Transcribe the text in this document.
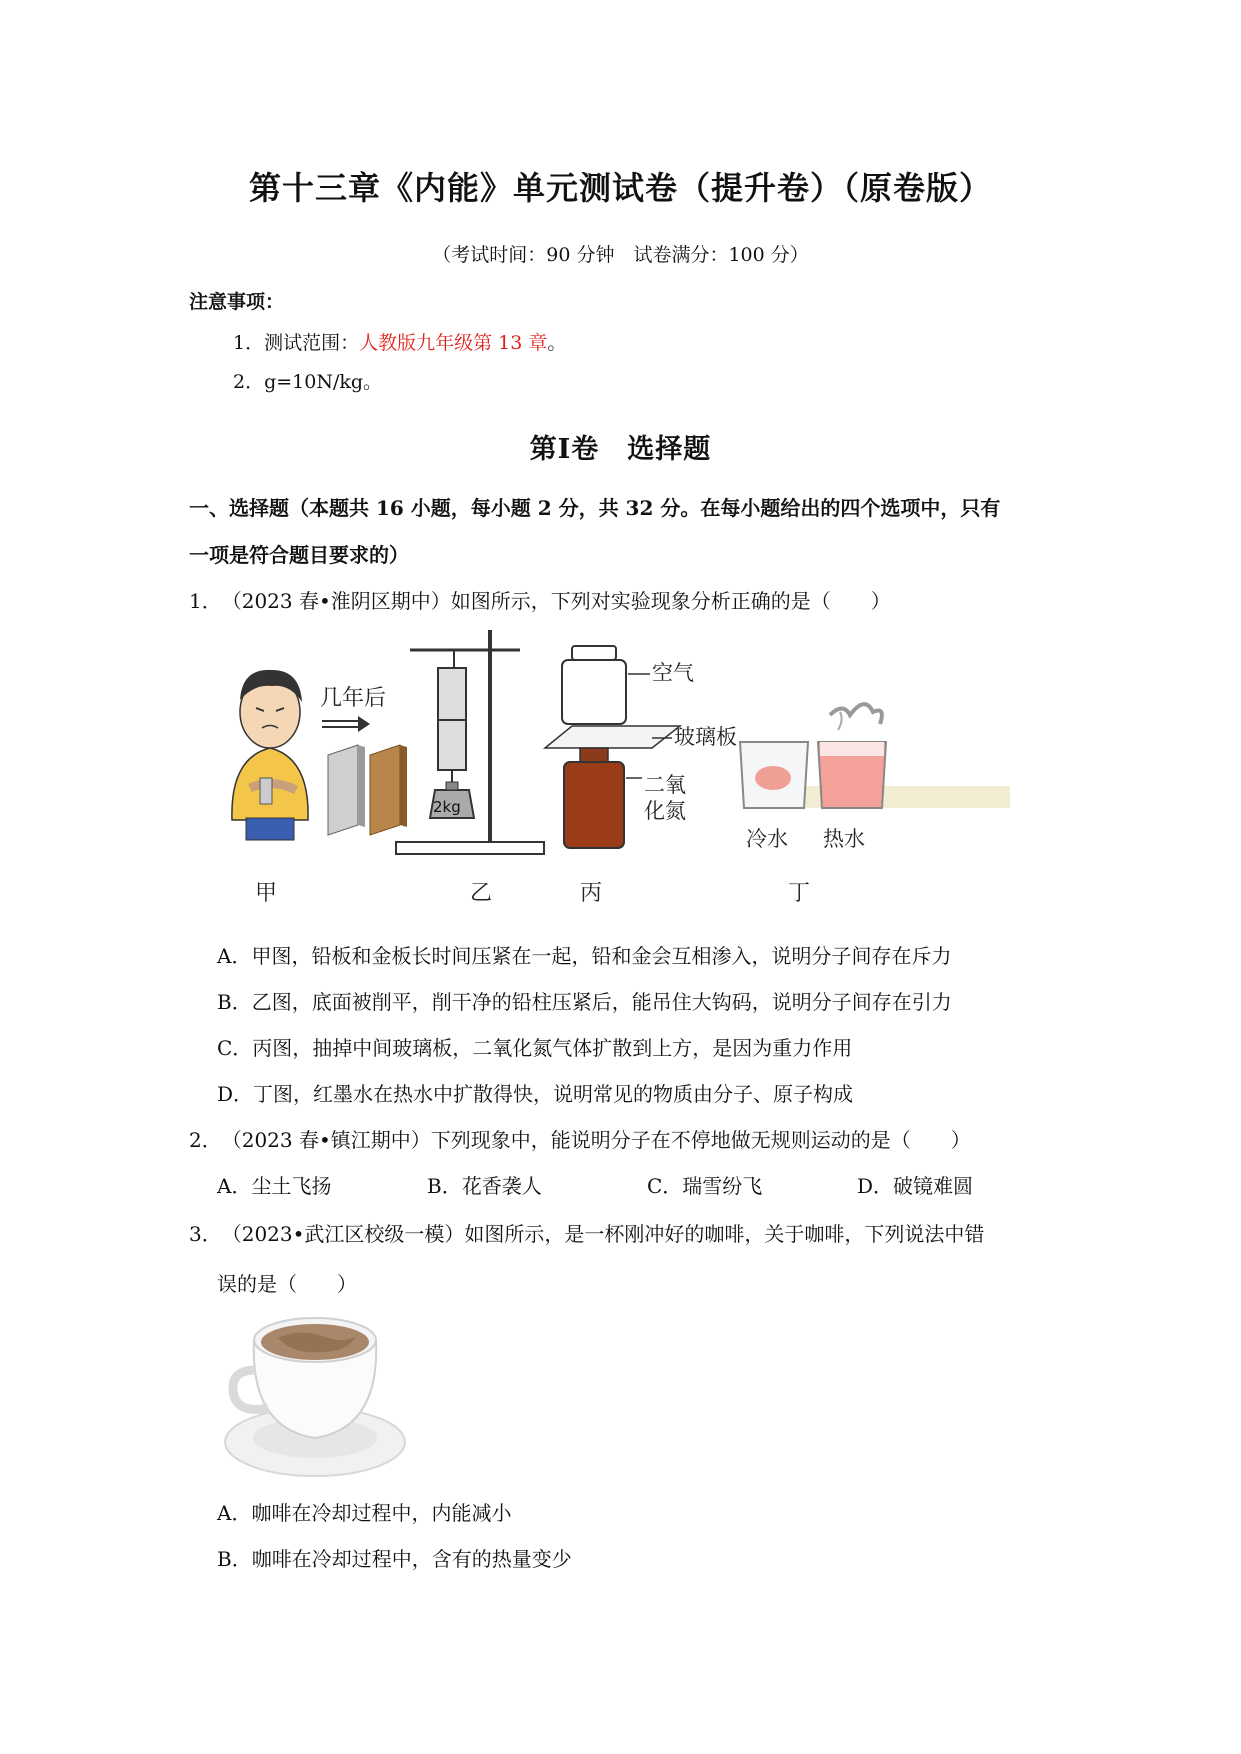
第十三章《内能》单元测试卷（提升卷）（原卷版）
（考试时间：90 分钟　试卷满分：100 分）
注意事项：
1．测试范围：人教版九年级第 13 章。
2．g=10N/kg。
第Ⅰ卷　选择题
一、选择题（本题共 16 小题，每小题 2 分，共 32 分。在每小题给出的四个选项中，只有
一项是符合题目要求的）
1．（2023 春•淮阴区期中）如图所示，下列对实验现象分析正确的是（　　）
几年后
甲
2kg
乙
空气
玻璃板
二氧
化氮
丙
冷水 热水
丁
A．甲图，铅板和金板长时间压紧在一起，铅和金会互相渗入，说明分子间存在斥力
B．乙图，底面被削平，削干净的铅柱压紧后，能吊住大钩码，说明分子间存在引力
C．丙图，抽掉中间玻璃板，二氧化氮气体扩散到上方，是因为重力作用
D．丁图，红墨水在热水中扩散得快，说明常见的物质由分子、原子构成
2．（2023 春•镇江期中）下列现象中，能说明分子在不停地做无规则运动的是（　　）
A．尘土飞扬	B．花香袭人	C．瑞雪纷飞	D．破镜难圆
3．（2023•武江区校级一模）如图所示，是一杯刚冲好的咖啡，关于咖啡，下列说法中错
误的是（　　）
A．咖啡在冷却过程中，内能减小
B．咖啡在冷却过程中，含有的热量变少
